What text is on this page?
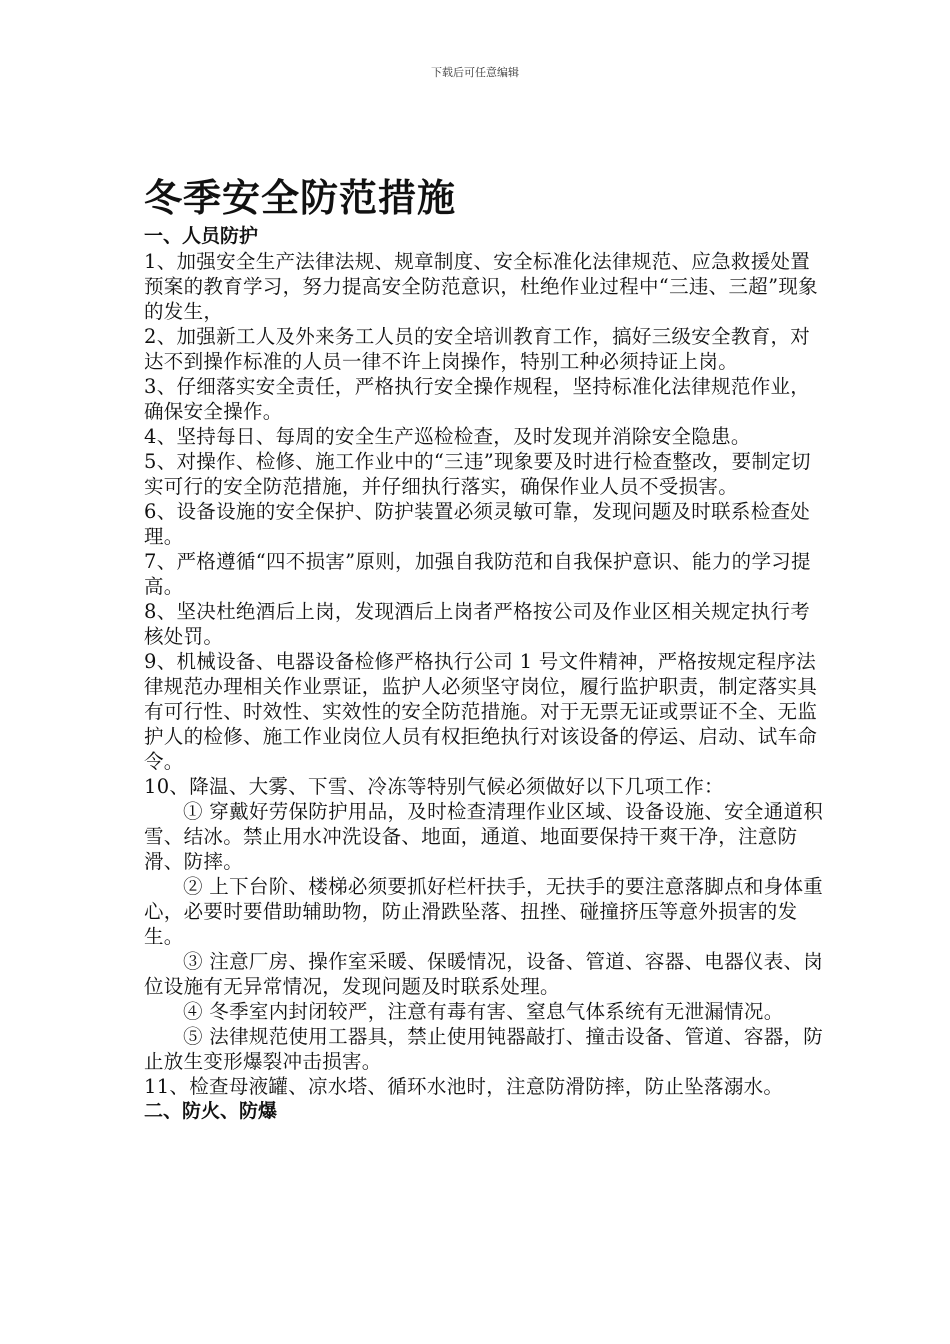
下载后可任意编辑
冬季安全防范措施
一、人员防护

1、加强安全生产法律法规、规章制度、安全标准化法律规范、应急救援处置预案的教育学习，努力提高安全防范意识，杜绝作业过程中“三违、三超”现象的发生，

2、加强新工人及外来务工人员的安全培训教育工作，搞好三级安全教育，对达不到操作标准的人员一律不许上岗操作，特别工种必须持证上岗。

3、仔细落实安全责任，严格执行安全操作规程，坚持标准化法律规范作业，确保安全操作。

4、坚持每日、每周的安全生产巡检检查，及时发现并消除安全隐患。

5、对操作、检修、施工作业中的“三违”现象要及时进行检查整改，要制定切实可行的安全防范措施，并仔细执行落实，确保作业人员不受损害。

6、设备设施的安全保护、防护装置必须灵敏可靠，发现问题及时联系检查处理。

7、严格遵循“四不损害”原则，加强自我防范和自我保护意识、能力的学习提高。

8、坚决杜绝酒后上岗，发现酒后上岗者严格按公司及作业区相关规定执行考核处罚。

9、机械设备、电器设备检修严格执行公司 1 号文件精神，严格按规定程序法律规范办理相关作业票证，监护人必须坚守岗位，履行监护职责，制定落实具有可行性、时效性、实效性的安全防范措施。对于无票无证或票证不全、无监护人的检修、施工作业岗位人员有权拒绝执行对该设备的停运、启动、试车命令。

10、降温、大雾、下雪、冷冻等特别气候必须做好以下几项工作：

① 穿戴好劳保防护用品，及时检查清理作业区域、设备设施、安全通道积雪、结冰。禁止用水冲洗设备、地面，通道、地面要保持干爽干净，注意防滑、防摔。

② 上下台阶、楼梯必须要抓好栏杆扶手，无扶手的要注意落脚点和身体重心，必要时要借助辅助物，防止滑跌坠落、扭挫、碰撞挤压等意外损害的发生。

③ 注意厂房、操作室采暖、保暖情况，设备、管道、容器、电器仪表、岗位设施有无异常情况，发现问题及时联系处理。

④ 冬季室内封闭较严，注意有毒有害、窒息气体系统有无泄漏情况。

⑤ 法律规范使用工器具，禁止使用钝器敲打、撞击设备、管道、容器，防止放生变形爆裂冲击损害。

11、检查母液罐、凉水塔、循环水池时，注意防滑防摔，防止坠落溺水。

二、防火、防爆
